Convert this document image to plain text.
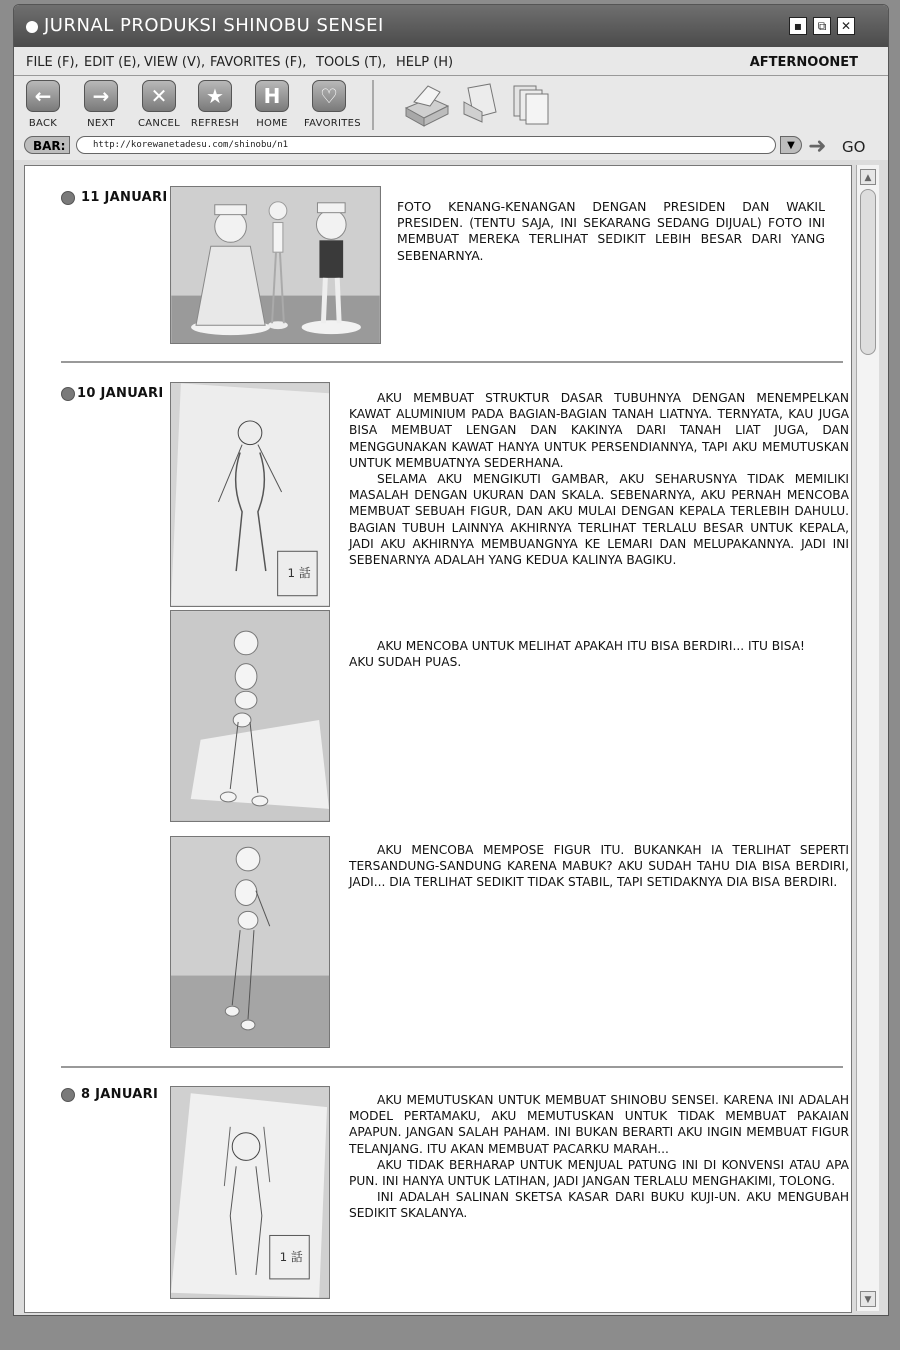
JURNAL PRODUKSI SHINOBU SENSEI	▪	⧉	✕
FILE (F), EDIT (E), VIEW (V), FAVORITES (F), TOOLS (T), HELP (H)	AFTERNOONET
←
BACK
→
NEXT
✕
CANCEL
★
REFRESH
H
HOME
♡
FAVORITES
BAR:	http://korewanetadesu.com/shinobu/n1	▼ ➜ GO
11 JANUARI

FOTO KENANG-KENANGAN DENGAN PRESIDEN DAN WAKIL PRESIDEN. (TENTU SAJA, INI SEKARANG SEDANG DIJUAL) FOTO INI MEMBUAT MEREKA TERLIHAT SEDIKIT LEBIH BESAR DARI YANG SEBENARNYA.

10 JANUARI
1 話

AKU MEMBUAT STRUKTUR DASAR TUBUHNYA DENGAN MENEMPELKAN KAWAT ALUMINIUM PADA BAGIAN-BAGIAN TANAH LIATNYA. TERNYATA, KAU JUGA BISA MEMBUAT LENGAN DAN KAKINYA DARI TANAH LIAT JUGA, DAN MENGGUNAKAN KAWAT HANYA UNTUK PERSENDIANNYA, TAPI AKU MEMUTUSKAN UNTUK MEMBUATNYA SEDERHANA.

SELAMA AKU MENGIKUTI GAMBAR, AKU SEHARUSNYA TIDAK MEMILIKI MASALAH DENGAN UKURAN DAN SKALA. SEBENARNYA, AKU PERNAH MENCOBA MEMBUAT SEBUAH FIGUR, DAN AKU MULAI DENGAN KEPALA TERLEBIH DAHULU. BAGIAN TUBUH LAINNYA AKHIRNYA TERLIHAT TERLALU BESAR UNTUK KEPALA, JADI AKU AKHIRNYA MEMBUANGNYA KE LEMARI DAN MELUPAKANNYA. JADI INI SEBENARNYA ADALAH YANG KEDUA KALINYA BAGIKU.

AKU MENCOBA UNTUK MELIHAT APAKAH ITU BISA BERDIRI... ITU BISA!

AKU SUDAH PUAS.

AKU MENCOBA MEMPOSE FIGUR ITU. BUKANKAH IA TERLIHAT SEPERTI TERSANDUNG-SANDUNG KARENA MABUK? AKU SUDAH TAHU DIA BISA BERDIRI, JADI... DIA TERLIHAT SEDIKIT TIDAK STABIL, TAPI SETIDAKNYA DIA BISA BERDIRI.

8 JANUARI
1 話

AKU MEMUTUSKAN UNTUK MEMBUAT SHINOBU SENSEI. KARENA INI ADALAH MODEL PERTAMAKU, AKU MEMUTUSKAN UNTUK TIDAK MEMBUAT PAKAIAN APAPUN. JANGAN SALAH PAHAM. INI BUKAN BERARTI AKU INGIN MEMBUAT FIGUR TELANJANG. ITU AKAN MEMBUAT PACARKU MARAH...

AKU TIDAK BERHARAP UNTUK MENJUAL PATUNG INI DI KONVENSI ATAU APA PUN. INI HANYA UNTUK LATIHAN, JADI JANGAN TERLALU MENGHAKIMI, TOLONG.

INI ADALAH SALINAN SKETSA KASAR DARI BUKU KUJI-UN. AKU MENGUBAH SEDIKIT SKALANYA.

▲
▼
